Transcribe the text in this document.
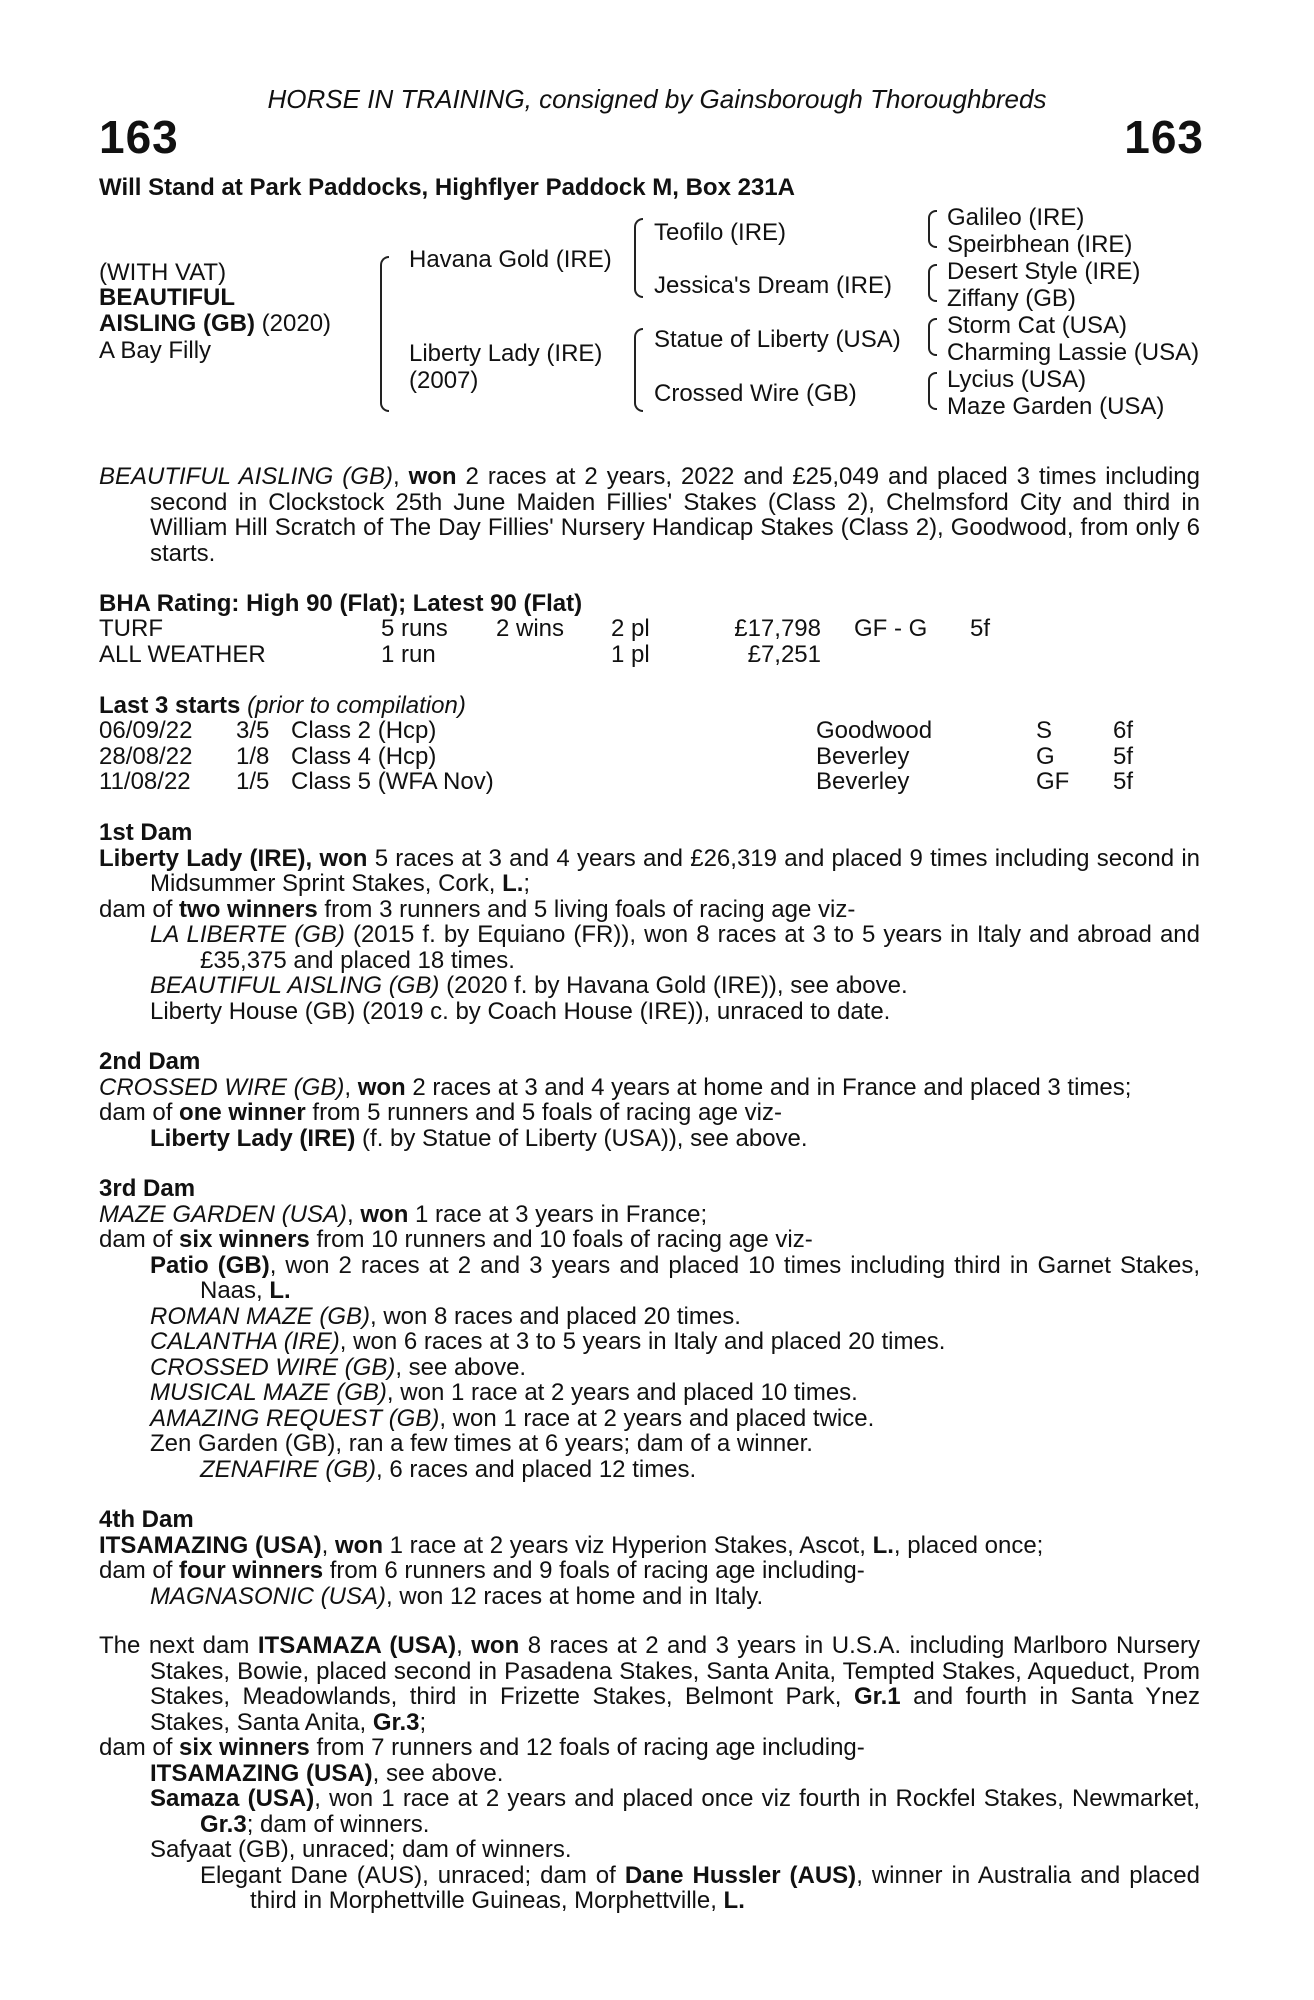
HORSE IN TRAINING, consigned by Gainsborough Thoroughbreds
163	163
Will Stand at Park Paddocks, Highflyer Paddock M, Box 231A
(WITH VAT)
BEAUTIFUL
AISLING (GB) (2020)
A Bay Filly
Havana Gold (IRE)
Liberty Lady (IRE)
(2007)
Teofilo (IRE)
Jessica's Dream (IRE)
Statue of Liberty (USA)
Crossed Wire (GB)
Galileo (IRE)
Speirbhean (IRE)
Desert Style (IRE)
Ziffany (GB)
Storm Cat (USA)
Charming Lassie (USA)
Lycius (USA)
Maze Garden (USA)

BEAUTIFUL AISLING (GB), won 2 races at 2 years, 2022 and £25,049 and placed 3 times including second in Clockstock 25th June Maiden Fillies' Stakes (Class 2), Chelmsford City and third in William Hill Scratch of The Day Fillies' Nursery Handicap Stakes (Class 2), Goodwood, from only 6 starts.

BHA Rating: High 90 (Flat); Latest 90 (Flat)
TURF	5 runs	2 wins	2 pl	£17,798	GF - G	5f
ALL WEATHER	1 run		1 pl	£7,251		
Last 3 starts (prior to compilation)
06/09/22	3/5	Class 2 (Hcp)	Goodwood	S	6f
28/08/22	1/8	Class 4 (Hcp)	Beverley	G	5f
11/08/22	1/5	Class 5 (WFA Nov)	Beverley	GF	5f

1st Dam

Liberty Lady (IRE), won 5 races at 3 and 4 years and £26,319 and placed 9 times including second in Midsummer Sprint Stakes, Cork, L.;

dam of two winners from 3 runners and 5 living foals of racing age viz-

LA LIBERTE (GB) (2015 f. by Equiano (FR)), won 8 races at 3 to 5 years in Italy and abroad and £35,375 and placed 18 times.

BEAUTIFUL AISLING (GB) (2020 f. by Havana Gold (IRE)), see above.

Liberty House (GB) (2019 c. by Coach House (IRE)), unraced to date.

2nd Dam

CROSSED WIRE (GB), won 2 races at 3 and 4 years at home and in France and placed 3 times;

dam of one winner from 5 runners and 5 foals of racing age viz-

Liberty Lady (IRE) (f. by Statue of Liberty (USA)), see above.

3rd Dam

MAZE GARDEN (USA), won 1 race at 3 years in France;

dam of six winners from 10 runners and 10 foals of racing age viz-

Patio (GB), won 2 races at 2 and 3 years and placed 10 times including third in Garnet Stakes, Naas, L.

ROMAN MAZE (GB), won 8 races and placed 20 times.

CALANTHA (IRE), won 6 races at 3 to 5 years in Italy and placed 20 times.

CROSSED WIRE (GB), see above.

MUSICAL MAZE (GB), won 1 race at 2 years and placed 10 times.

AMAZING REQUEST (GB), won 1 race at 2 years and placed twice.

Zen Garden (GB), ran a few times at 6 years; dam of a winner.

ZENAFIRE (GB), 6 races and placed 12 times.

4th Dam

ITSAMAZING (USA), won 1 race at 2 years viz Hyperion Stakes, Ascot, L., placed once;

dam of four winners from 6 runners and 9 foals of racing age including-

MAGNASONIC (USA), won 12 races at home and in Italy.

The next dam ITSAMAZA (USA), won 8 races at 2 and 3 years in U.S.A. including Marlboro Nursery Stakes, Bowie, placed second in Pasadena Stakes, Santa Anita, Tempted Stakes, Aqueduct, Prom Stakes, Meadowlands, third in Frizette Stakes, Belmont Park, Gr.1 and fourth in Santa Ynez Stakes, Santa Anita, Gr.3;

dam of six winners from 7 runners and 12 foals of racing age including-

ITSAMAZING (USA), see above.

Samaza (USA), won 1 race at 2 years and placed once viz fourth in Rockfel Stakes, Newmarket, Gr.3; dam of winners.

Safyaat (GB), unraced; dam of winners.

Elegant Dane (AUS), unraced; dam of Dane Hussler (AUS), winner in Australia and placed third in Morphettville Guineas, Morphettville, L.
